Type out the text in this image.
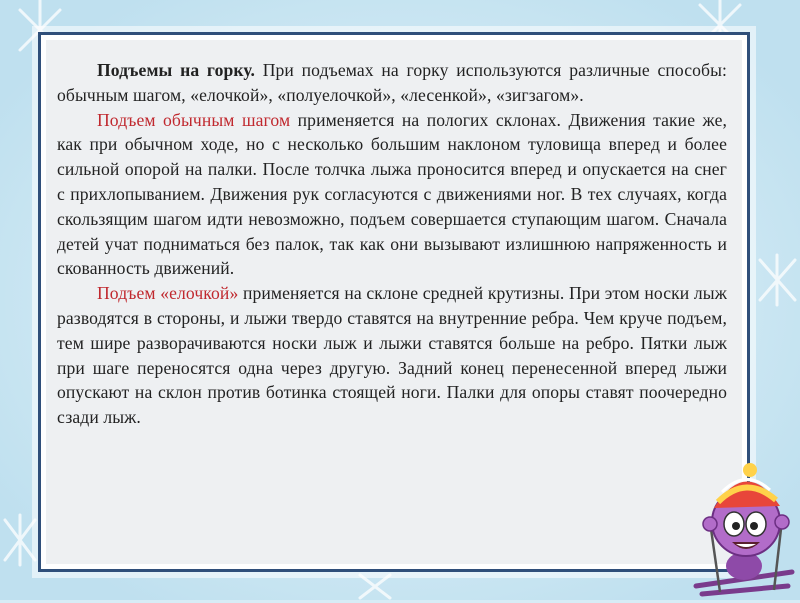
Подъемы на горку. При подъемах на горку используются различные способы: обычным шагом, «елочкой», «полуелочкой», «лесенкой», «зигзагом».

Подъем обычным шагом применяется на пологих склонах. Движения такие же, как при обычном ходе, но с несколько большим наклоном туловища вперед и более сильной опорой на палки. После толчка лыжа проносится вперед и опускается на снег с прихлопыванием. Движения рук согласуются с движениями ног. В тех случаях, когда скользящим шагом идти невозможно, подъем совершается ступающим шагом. Сначала детей учат подниматься без палок, так как они вызывают излишнюю напряженность и скованность движений.

Подъем «елочкой» применяется на склоне средней крутизны. При этом носки лыж разводятся в стороны, и лыжи твердо ставятся на внутренние ребра. Чем круче подъем, тем шире разворачиваются носки лыж и лыжи ставятся больше на ребро. Пятки лыж при шаге переносятся одна через другую. Задний конец перенесенной вперед лыжи опускают на склон против ботинка стоящей ноги. Палки для опоры ставят поочередно сзади лыж.
